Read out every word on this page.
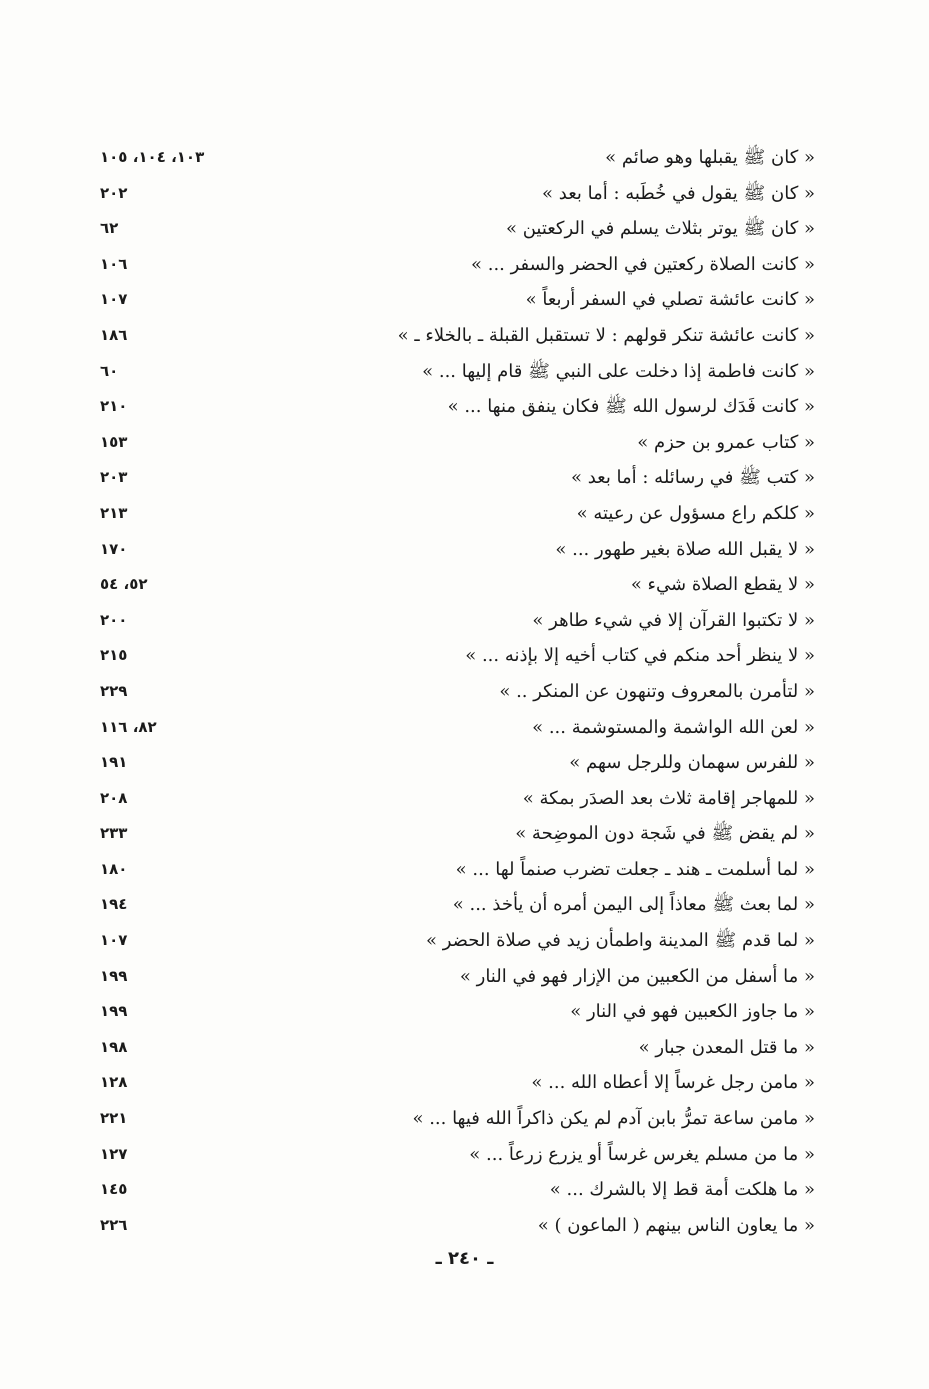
« كان ﷺ يقبلها وهو صائم »
١٠٣، ١٠٤، ١٠٥
« كان ﷺ يقول في خُطَبه : أما بعد »
٢٠٢
« كان ﷺ يوتر بثلاث يسلم في الركعتين »
٦٢
« كانت الصلاة ركعتين في الحضر والسفر ... »
١٠٦
« كانت عائشة تصلي في السفر أربعاً »
١٠٧
« كانت عائشة تنكر قولهم : لا تستقبل القبلة ـ بالخلاء ـ »
١٨٦
« كانت فاطمة إذا دخلت على النبي ﷺ قام إليها ... »
٦٠
« كانت فَدَك لرسول الله ﷺ فكان ينفق منها ... »
٢١٠
« كتاب عمرو بن حزم »
١٥٣
« كتب ﷺ في رسائله : أما بعد »
٢٠٣
« كلكم راع مسؤول عن رعيته »
٢١٣
« لا يقبل الله صلاة بغير طهور ... »
١٧٠
« لا يقطع الصلاة شيء »
٥٢، ٥٤
« لا تكتبوا القرآن إلا في شيء طاهر »
٢٠٠
« لا ينظر أحد منكم في كتاب أخيه إلا بإذنه ... »
٢١٥
« لتأمرن بالمعروف وتنهون عن المنكر .. »
٢٢٩
« لعن الله الواشمة والمستوشمة ... »
٨٢، ١١٦
« للفرس سهمان وللرجل سهم »
١٩١
« للمهاجر إقامة ثلاث بعد الصدَر بمكة »
٢٠٨
« لم يقض ﷺ في شَجة دون الموضِحة »
٢٣٣
« لما أسلمت ـ هند ـ جعلت تضرب صنماً لها ... »
١٨٠
« لما بعث ﷺ معاذاً إلى اليمن أمره أن يأخذ ... »
١٩٤
« لما قدم ﷺ المدينة واطمأن زيد في صلاة الحضر »
١٠٧
« ما أسفل من الكعبين من الإزار فهو في النار »
١٩٩
« ما جاوز الكعبين فهو في النار »
١٩٩
« ما قتل المعدن جبار »
١٩٨
« مامن رجل غرساً إلا أعطاه الله ... »
١٢٨
« مامن ساعة تمرُّ بابن آدم لم يكن ذاكراً الله فيها ... »
٢٢١
« ما من مسلم يغرس غرساً أو يزرع زرعاً ... »
١٢٧
« ما هلكت أمة قط إلا بالشرك ... »
١٤٥
« ما يعاون الناس بينهم ( الماعون ) »
٢٢٦
ـ ٢٤٠ ـ
